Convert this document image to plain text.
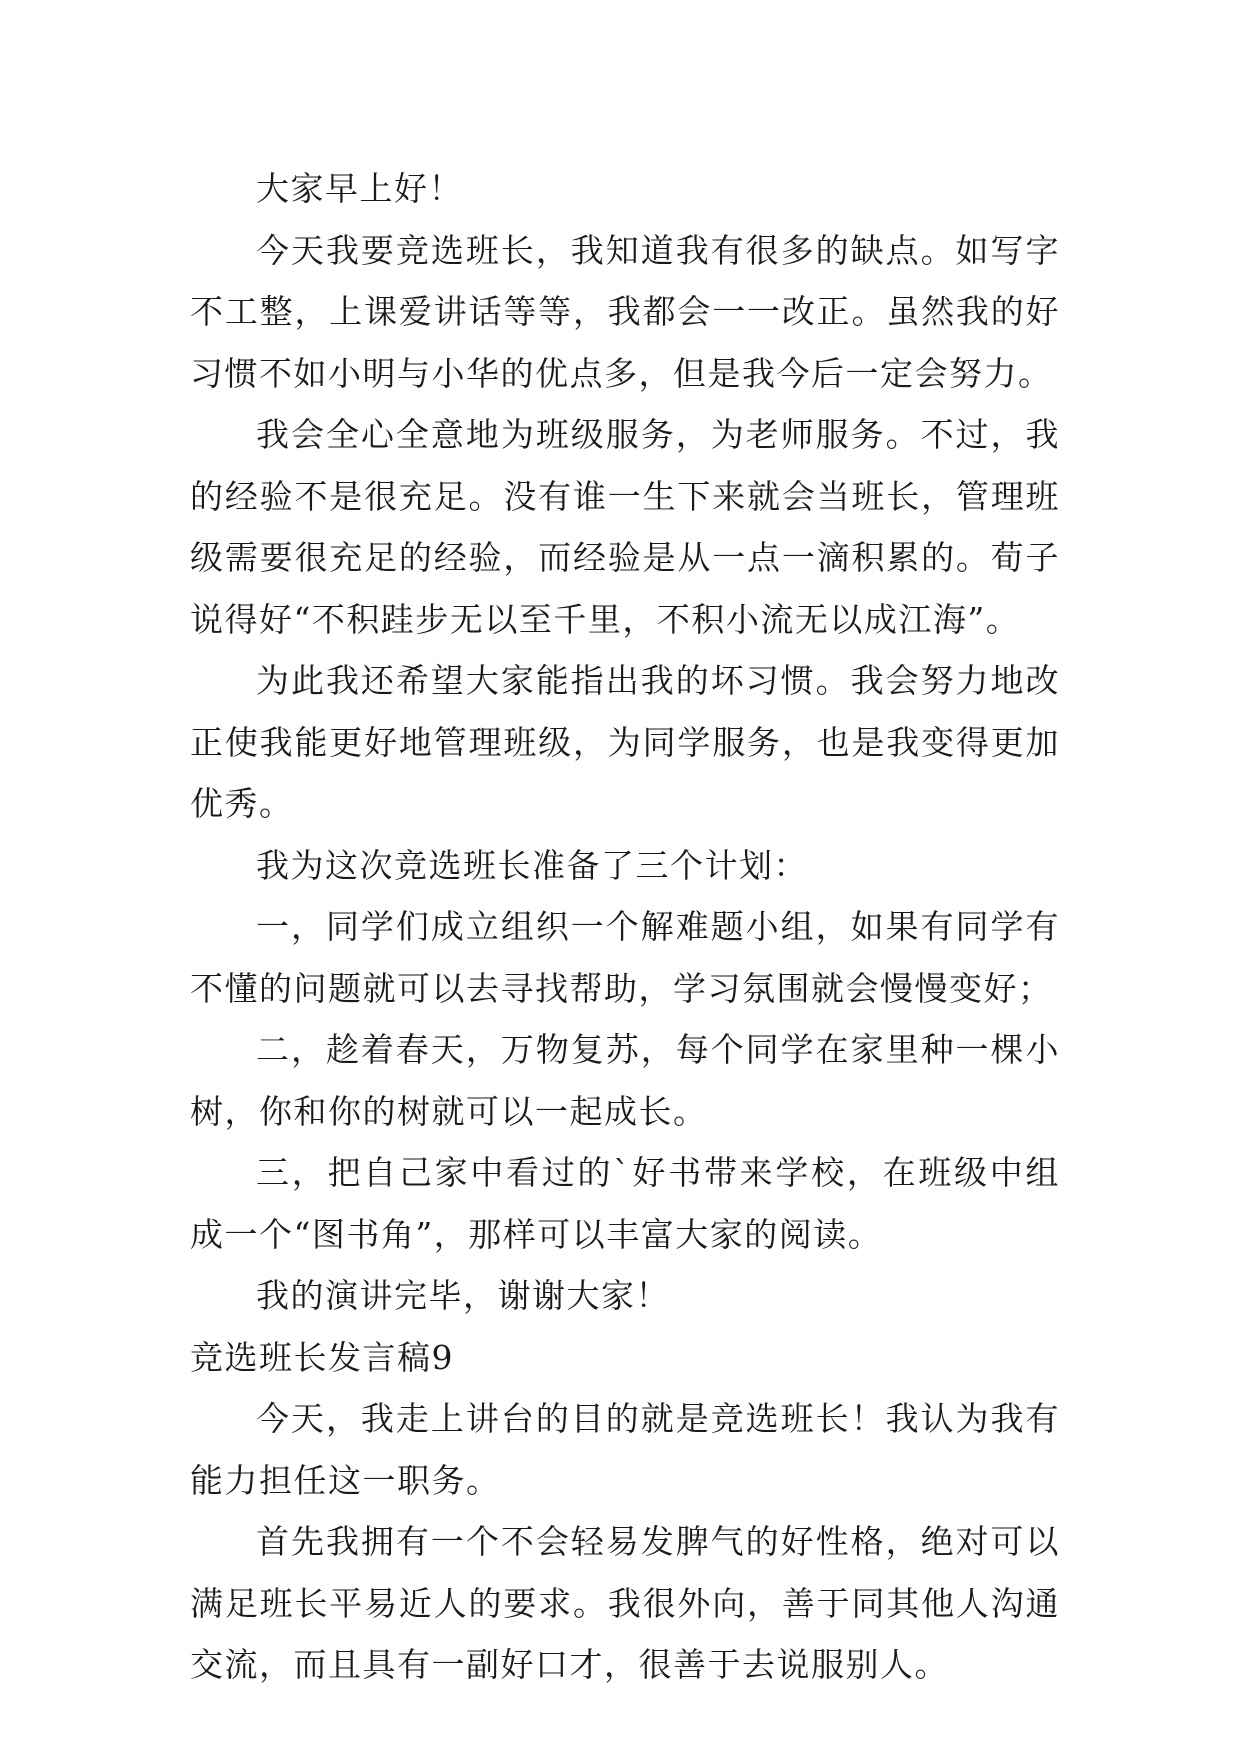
大家早上好！

今天我要竞选班长，我知道我有很多的缺点。如写字不工整，上课爱讲话等等，我都会一一改正。虽然我的好习惯不如小明与小华的优点多，但是我今后一定会努力。

我会全心全意地为班级服务，为老师服务。不过，我的经验不是很充足。没有谁一生下来就会当班长，管理班级需要很充足的经验，而经验是从一点一滴积累的。荀子说得好“不积跬步无以至千里，不积小流无以成江海”。

为此我还希望大家能指出我的坏习惯。我会努力地改正使我能更好地管理班级，为同学服务，也是我变得更加优秀。

我为这次竞选班长准备了三个计划：

一，同学们成立组织一个解难题小组，如果有同学有不懂的问题就可以去寻找帮助，学习氛围就会慢慢变好；

二，趁着春天，万物复苏，每个同学在家里种一棵小树，你和你的树就可以一起成长。

三，把自己家中看过的`好书带来学校，在班级中组成一个“图书角”，那样可以丰富大家的阅读。

我的演讲完毕，谢谢大家！

竞选班长发言稿9

今天，我走上讲台的目的就是竞选班长！我认为我有能力担任这一职务。

首先我拥有一个不会轻易发脾气的好性格，绝对可以满足班长平易近人的要求。我很外向，善于同其他人沟通交流，而且具有一副好口才，很善于去说服别人。
